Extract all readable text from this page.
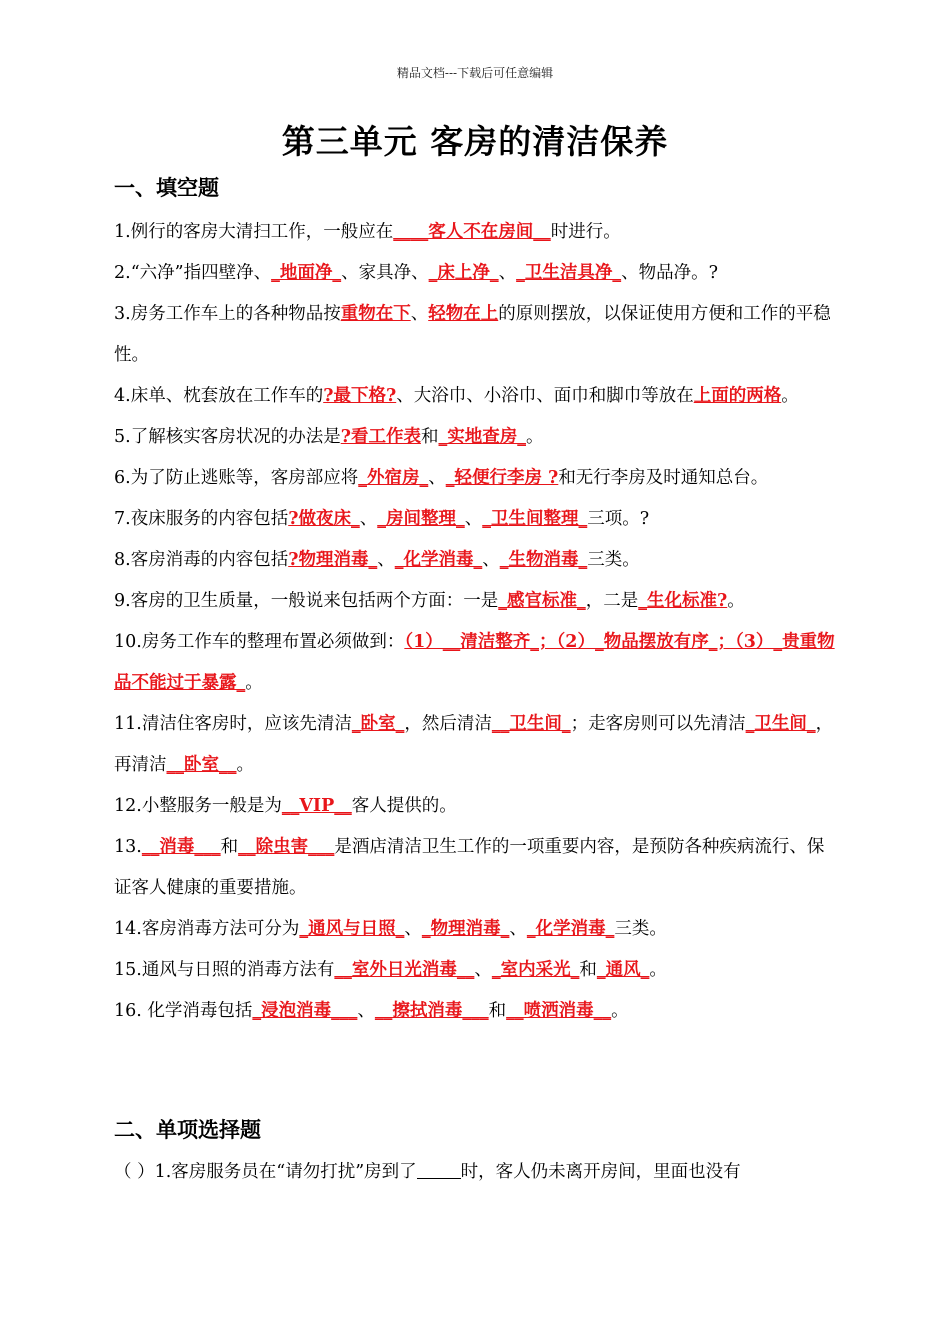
精品文档---下载后可任意编辑
第三单元 客房的清洁保养
一、填空题

1.例行的客房大清扫工作，一般应在____客人不在房间__时进行。

2.“六净”指四壁净、_地面净_、家具净、_床上净_、_卫生洁具净_、物品净。?

3.房务工作车上的各种物品按重物在下、轻物在上的原则摆放，以保证使用方便和工作的平稳性。

4.床单、枕套放在工作车的?最下格?、大浴巾、小浴巾、面巾和脚巾等放在上面的两格。

5.了解核实客房状况的办法是?看工作表和_实地查房_。

6.为了防止逃账等，客房部应将_外宿房_、_轻便行李房 ?和无行李房及时通知总台。

7.夜床服务的内容包括?做夜床_、_房间整理_、_卫生间整理_三项。?

8.客房消毒的内容包括?物理消毒_、_化学消毒_、_生物消毒_三类。

9.客房的卫生质量，一般说来包括两个方面：一是_感官标准_，二是_生化标准?。

10.房务工作车的整理布置必须做到：（1）__清洁整齐_；（2）_物品摆放有序_；（3）_贵重物品不能过于暴露_。

11.清洁住客房时，应该先清洁_卧室_，然后清洁__卫生间_；走客房则可以先清洁_卫生间_，再清洁__卧室__。

12.小整服务一般是为__VIP__客人提供的。

13.__消毒___和__除虫害___是酒店清洁卫生工作的一项重要内容，是预防各种疾病流行、保证客人健康的重要措施。

14.客房消毒方法可分为_通风与日照_、_物理消毒_、_化学消毒_三类。

15.通风与日照的消毒方法有__室外日光消毒__、_室内采光_和_通风_。

16. 化学消毒包括_浸泡消毒___、__擦拭消毒___和__喷洒消毒__。

二、单项选择题
（ ）1.客房服务员在“请勿打扰”房到了	时，客人仍未离开房间，里面也没有
